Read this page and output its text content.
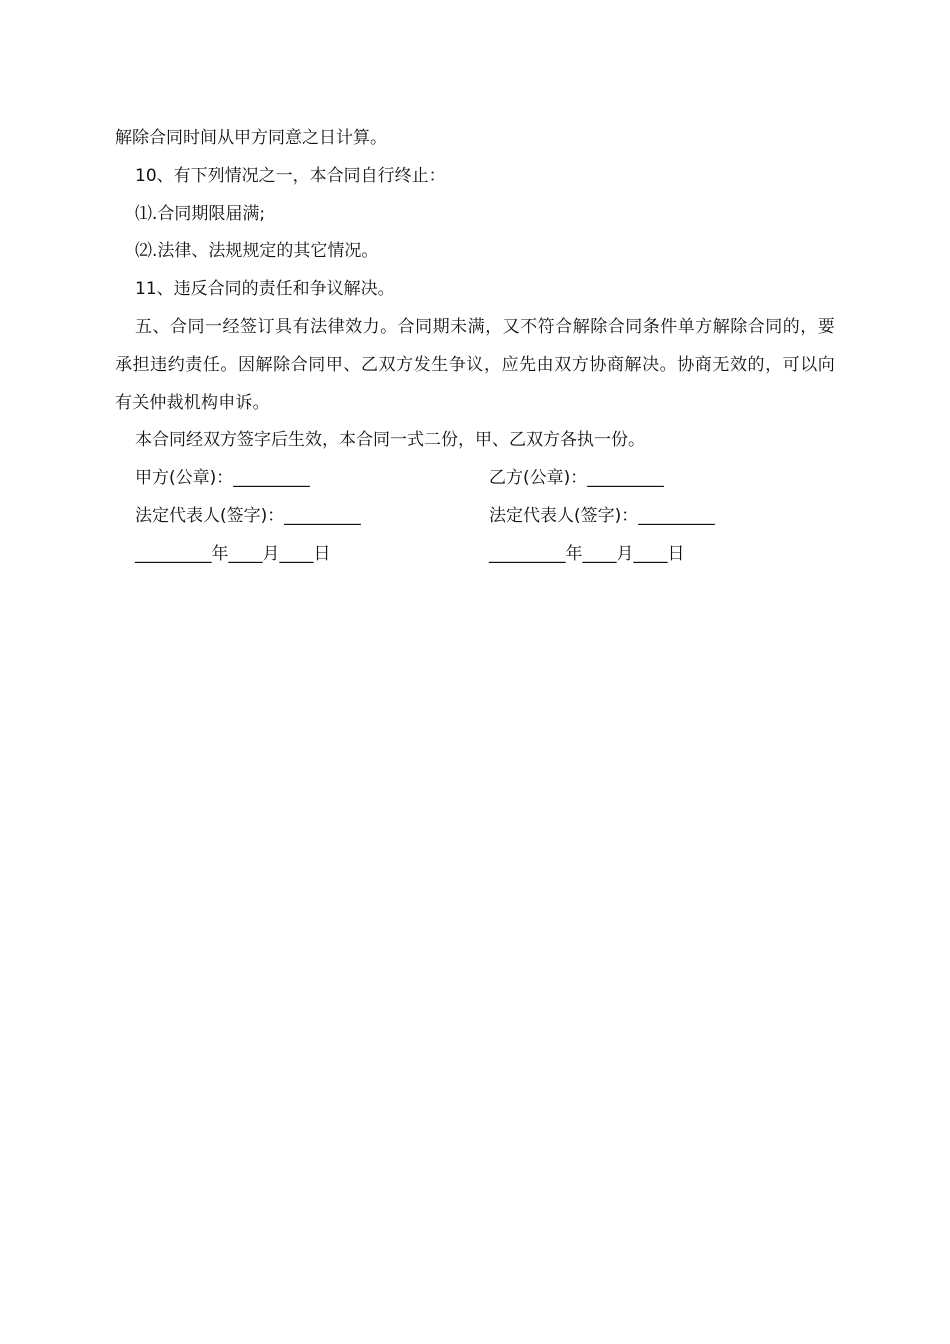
解除合同时间从甲方同意之日计算。

10、有下列情况之一，本合同自行终止：

⑴.合同期限届满;

⑵.法律、法规规定的其它情况。

11、违反合同的责任和争议解决。

五、合同一经签订具有法律效力。合同期未满，又不符合解除合同条件单方解除合同的，要承担违约责任。因解除合同甲、乙双方发生争议，应先由双方协商解决。协商无效的，可以向有关仲裁机构申诉。

本合同经双方签字后生效，本合同一式二份，甲、乙双方各执一份。

甲方(公章)：_________	乙方(公章)：_________
法定代表人(签字)：_________	法定代表人(签字)：_________
_________年____月____日	_________年____月____日
